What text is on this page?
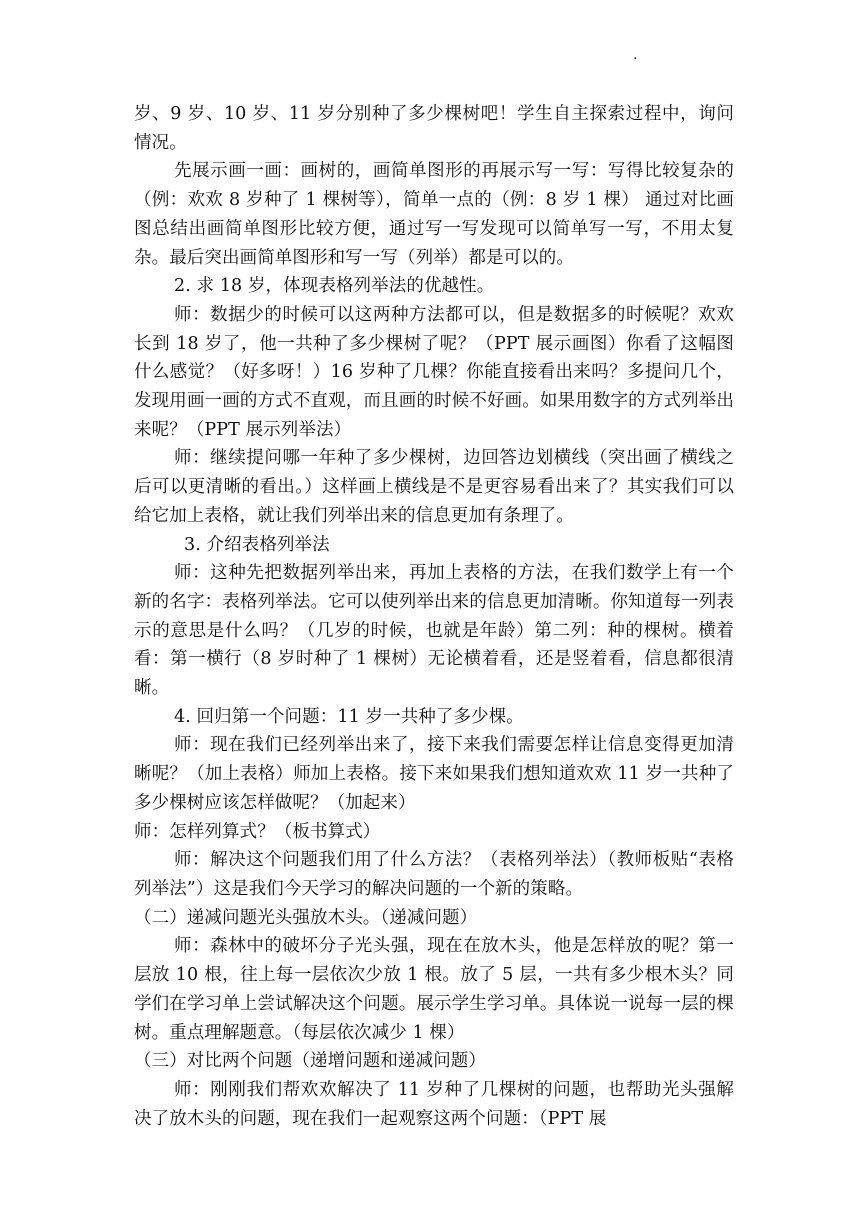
·

岁、9 岁、10 岁、11 岁分别种了多少棵树吧！学生自主探索过程中，询问情况。

先展示画一画：画树的，画简单图形的再展示写一写：写得比较复杂的（例：欢欢 8 岁种了 1 棵树等），简单一点的（例：8 岁 1 棵） 通过对比画图总结出画简单图形比较方便，通过写一写发现可以简单写一写，不用太复杂。最后突出画简单图形和写一写（列举）都是可以的。

2. 求 18 岁，体现表格列举法的优越性。

师：数据少的时候可以这两种方法都可以，但是数据多的时候呢？欢欢长到 18 岁了，他一共种了多少棵树了呢？（PPT 展示画图）你看了这幅图什么感觉？（好多呀！）16 岁种了几棵？你能直接看出来吗？多提问几个，发现用画一画的方式不直观，而且画的时候不好画。如果用数字的方式列举出来呢？（PPT 展示列举法）

师：继续提问哪一年种了多少棵树，边回答边划横线（突出画了横线之后可以更清晰的看出。）这样画上横线是不是更容易看出来了？其实我们可以给它加上表格，就让我们列举出来的信息更加有条理了。

3. 介绍表格列举法

师：这种先把数据列举出来，再加上表格的方法，在我们数学上有一个新的名字：表格列举法。它可以使列举出来的信息更加清晰。你知道每一列表示的意思是什么吗？（几岁的时候，也就是年龄）第二列：种的棵树。横着看：第一横行（8 岁时种了 1 棵树）无论横着看，还是竖着看，信息都很清晰。

4. 回归第一个问题：11 岁一共种了多少棵。

师：现在我们已经列举出来了，接下来我们需要怎样让信息变得更加清晰呢？（加上表格）师加上表格。接下来如果我们想知道欢欢 11 岁一共种了多少棵树应该怎样做呢？（加起来）

师：怎样列算式？（板书算式）

师：解决这个问题我们用了什么方法？（表格列举法）（教师板贴“表格列举法”）这是我们今天学习的解决问题的一个新的策略。

（二）递减问题光头强放木头。（递减问题）

师：森林中的破坏分子光头强，现在在放木头，他是怎样放的呢？第一层放 10 根，往上每一层依次少放 1 根。放了 5 层，一共有多少根木头？同学们在学习单上尝试解决这个问题。展示学生学习单。具体说一说每一层的棵树。重点理解题意。（每层依次减少 1 棵）

（三）对比两个问题（递增问题和递减问题）

师：刚刚我们帮欢欢解决了 11 岁种了几棵树的问题，也帮助光头强解决了放木头的问题，现在我们一起观察这两个问题：（PPT 展
